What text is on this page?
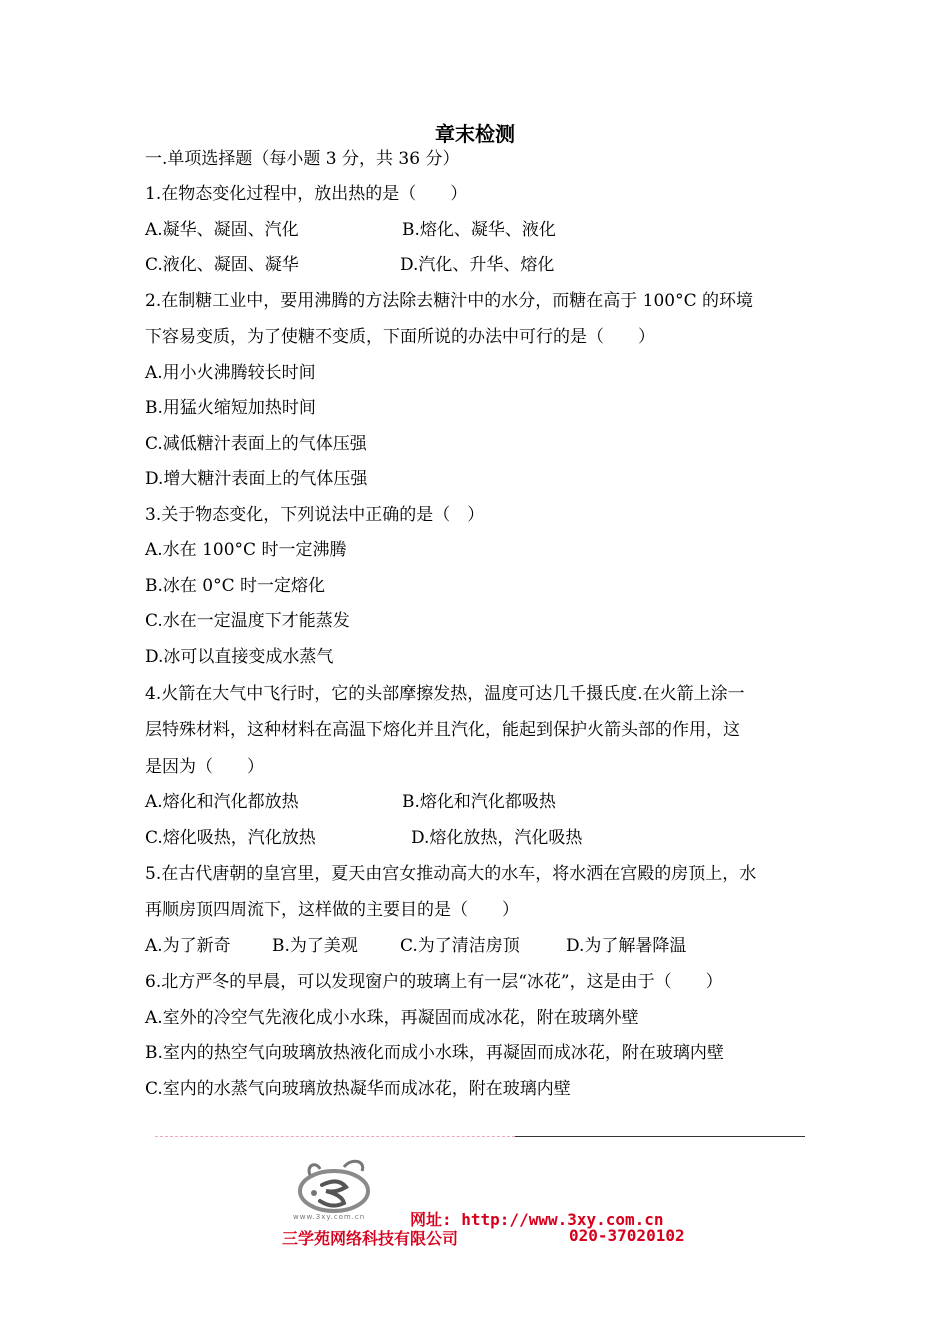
章末检测
一.单项选择题（每小题 3 分，共 36 分）
1.在物态变化过程中，放出热的是（　　）
A.凝华、凝固、汽化	B.熔化、凝华、液化
C.液化、凝固、凝华	D.汽化、升华、熔化
2.在制糖工业中，要用沸腾的方法除去糖汁中的水分，而糖在高于 100°C 的环境
下容易变质，为了使糖不变质，下面所说的办法中可行的是（　　）
A.用小火沸腾较长时间
B.用猛火缩短加热时间
C.减低糖汁表面上的气体压强
D.增大糖汁表面上的气体压强
3.关于物态变化，下列说法中正确的是（　）
A.水在 100°C 时一定沸腾
B.冰在 0°C 时一定熔化
C.水在一定温度下才能蒸发
D.冰可以直接变成水蒸气
4.火箭在大气中飞行时，它的头部摩擦发热，温度可达几千摄氏度.在火箭上涂一
层特殊材料，这种材料在高温下熔化并且汽化，能起到保护火箭头部的作用，这
是因为（　　）
A.熔化和汽化都放热	B.熔化和汽化都吸热
C.熔化吸热，汽化放热	D.熔化放热，汽化吸热
5.在古代唐朝的皇宫里，夏天由宫女推动高大的水车，将水洒在宫殿的房顶上，水
再顺房顶四周流下，这样做的主要目的是（　　）
A.为了新奇 B.为了美观 C.为了清洁房顶	D.为了解暑降温
6.北方严冬的早晨，可以发现窗户的玻璃上有一层“冰花”，这是由于（　　）
A.室外的冷空气先液化成小水珠，再凝固而成冰花，附在玻璃外壁
B.室内的热空气向玻璃放热液化而成小水珠，再凝固而成冰花，附在玻璃内壁
C.室内的水蒸气向玻璃放热凝华而成冰花，附在玻璃内壁
www.3xy.com.cn	网址: http://www.3xy.com.cn
三学苑网络科技有限公司	020-37020102
